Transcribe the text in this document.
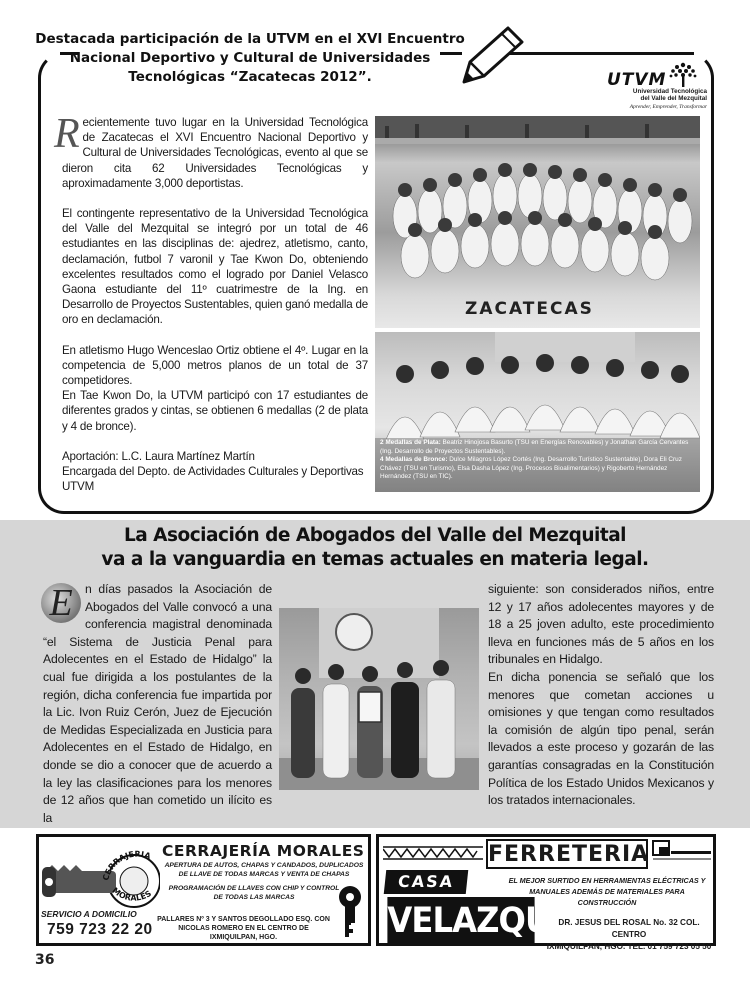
Destacada participación de la UTVM en el XVI Encuentro Nacional Deportivo y Cultural de Universidades Tecnológicas “Zacatecas 2012”.	UTVM
Universidad Tecnológica
del Valle del Mezquital
Aprender, Emprender, Transformar

Recientemente tuvo lugar en la Universidad Tecnológica de Zacatecas el XVI Encuentro Nacional Deportivo y Cultural de Universidades Tecnológicas, evento al que se dieron cita 62 Universidades Tecnológicas y aproximadamente 3,000 deportistas.

El contingente representativo de la Universidad Tecnológica del Valle del Mezquital se integró por un total de 46 estudiantes en las disciplinas de: ajedrez, atletismo, canto, declamación, futbol 7 varonil y Tae Kwon Do, obteniendo excelentes resultados como el logrado por Daniel Velasco Gaona estudiante del 11º cuatrimestre de la Ing. en Desarrollo de Proyectos Sustentables, quien ganó medalla de oro en declamación.

En atletismo Hugo Wenceslao Ortiz obtiene el 4º. Lugar en la competencia de 5,000 metros planos de un total de 37 competidores.

En Tae Kwon Do, la UTVM participó con 17 estudiantes de diferentes grados y cintas, se obtienen 6 medallas (2 de plata y 4 de bronce).

Aportación: L.C. Laura Martínez Martín
Encargada del Depto. de Actividades Culturales y Deportivas
UTVM

ZACATECAS
2 Medallas de Plata: Beatriz Hinojosa Basurto (TSU en Energías Renovables) y Jonathan García Cervantes (Ing. Desarrollo de Proyectos Sustentables).
4 Medallas de Bronce: Dulce Milagros López Cortés (Ing. Desarrollo Turístico Sustentable), Dora Eli Cruz Chávez (TSU en Turismo), Elsa Dasha López (Ing. Procesos Bioalimentarios) y Rigoberto Hernández Hernández (TSU en TIC).
La Asociación de Abogados del Valle del Mezquital
va a la vanguardia en temas actuales en materia legal.
E	n días pasados la Asociación de Abogados del Valle convocó a una conferencia magistral denominada “el Sistema de Justicia Penal para Adolecentes en el Estado de Hidalgo” la cual fue dirigida a los postulantes de la región, dicha conferencia fue impartida por la Lic. Ivon Ruiz Cerón, Juez de Ejecución de Medidas Especializada en Justicia para Adolecentes en el Estado de Hidalgo, en donde se dio a conocer que de acuerdo a la ley las clasificaciones para los menores de 12 años que han cometido un ilícito es la
siguiente: son considerados niños, entre 12 y 17 años adolecentes mayores y de 18 a 25 joven adulto, este procedimiento lleva en funciones más de 5 años en los tribunales en Hidalgo.
En dicha ponencia se señaló que los menores que cometan acciones u omisiones y que tengan como resultados la comisión de algún tipo penal, serán llevados a este proceso y gozarán de las garantías consagradas en la Constitución Política de los Estado Unidos Mexicanos y los tratados internacionales.
CERRAJERIA
MORALES
CERRAJERÍA MORALES
APERTURA DE AUTOS, CHAPAS Y CANDADOS, DUPLICADOS DE LLAVE DE TODAS MARCAS Y VENTA DE CHAPAS
PROGRAMACIÓN DE LLAVES CON CHIP Y CONTROL DE TODAS LAS MARCAS
SERVICIO A DOMICILIO
759 723 22 20
PALLARES Nº 3 Y SANTOS DEGOLLADO ESQ. CON NICOLAS ROMERO EN EL CENTRO DE IXMIQUILPAN, HGO.
FERRETERIA
CASA
VELAZQUEZ
EL MEJOR SURTIDO EN HERRAMIENTAS ELÉCTRICAS Y MANUALES ADEMÁS DE MATERIALES PARA CONSTRUCCIÓN
DR. JESUS DEL ROSAL No. 32 COL. CENTRO
IXMIQUILPAN, HGO. TEL. 01 759 723 05 50
36
